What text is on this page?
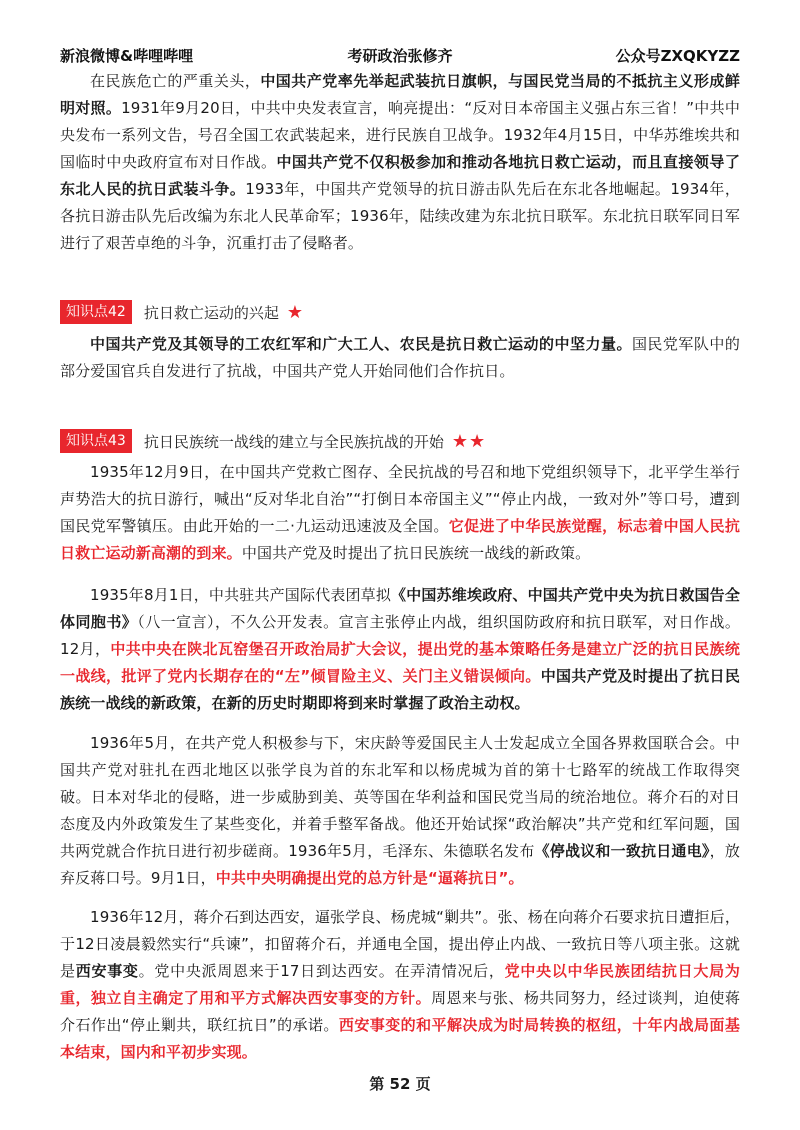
新浪微博&哔哩哔哩	考研政治张修齐	公众号ZXQKYZZ

在民族危亡的严重关头，中国共产党率先举起武装抗日旗帜，与国民党当局的不抵抗主义形成鲜明对照。1931年9月20日，中共中央发表宣言，响亮提出：“反对日本帝国主义强占东三省！”中共中央发布一系列文告，号召全国工农武装起来，进行民族自卫战争。1932年4月15日，中华苏维埃共和国临时中央政府宣布对日作战。中国共产党不仅积极参加和推动各地抗日救亡运动，而且直接领导了东北人民的抗日武装斗争。1933年，中国共产党领导的抗日游击队先后在东北各地崛起。1934年，各抗日游击队先后改编为东北人民革命军；1936年，陆续改建为东北抗日联军。东北抗日联军同日军进行了艰苦卓绝的斗争，沉重打击了侵略者。

知识点42	抗日救亡运动的兴起 ★

中国共产党及其领导的工农红军和广大工人、农民是抗日救亡运动的中坚力量。国民党军队中的部分爱国官兵自发进行了抗战，中国共产党人开始同他们合作抗日。

知识点43	抗日民族统一战线的建立与全民族抗战的开始 ★★

1935年12月9日，在中国共产党救亡图存、全民抗战的号召和地下党组织领导下，北平学生举行声势浩大的抗日游行，喊出“反对华北自治”“打倒日本帝国主义”“停止内战，一致对外”等口号，遭到国民党军警镇压。由此开始的一二·九运动迅速波及全国。它促进了中华民族觉醒，标志着中国人民抗日救亡运动新高潮的到来。中国共产党及时提出了抗日民族统一战线的新政策。

1935年8月1日，中共驻共产国际代表团草拟《中国苏维埃政府、中国共产党中央为抗日救国告全体同胞书》（八一宣言），不久公开发表。宣言主张停止内战，组织国防政府和抗日联军，对日作战。12月，中共中央在陕北瓦窑堡召开政治局扩大会议，提出党的基本策略任务是建立广泛的抗日民族统一战线，批评了党内长期存在的“左”倾冒险主义、关门主义错误倾向。中国共产党及时提出了抗日民族统一战线的新政策，在新的历史时期即将到来时掌握了政治主动权。

1936年5月，在共产党人积极参与下，宋庆龄等爱国民主人士发起成立全国各界救国联合会。中国共产党对驻扎在西北地区以张学良为首的东北军和以杨虎城为首的第十七路军的统战工作取得突破。日本对华北的侵略，进一步威胁到美、英等国在华利益和国民党当局的统治地位。蒋介石的对日态度及内外政策发生了某些变化，并着手整军备战。他还开始试探“政治解决”共产党和红军问题，国共两党就合作抗日进行初步磋商。1936年5月，毛泽东、朱德联名发布《停战议和一致抗日通电》，放弃反蒋口号。9月1日，中共中央明确提出党的总方针是“逼蒋抗日”。

1936年12月，蒋介石到达西安，逼张学良、杨虎城“剿共”。张、杨在向蒋介石要求抗日遭拒后，于12日凌晨毅然实行“兵谏”，扣留蒋介石，并通电全国，提出停止内战、一致抗日等八项主张。这就是西安事变。党中央派周恩来于17日到达西安。在弄清情况后，党中央以中华民族团结抗日大局为重，独立自主确定了用和平方式解决西安事变的方针。周恩来与张、杨共同努力，经过谈判，迫使蒋介石作出“停止剿共，联红抗日”的承诺。西安事变的和平解决成为时局转换的枢纽，十年内战局面基本结束，国内和平初步实现。

第 52 页
